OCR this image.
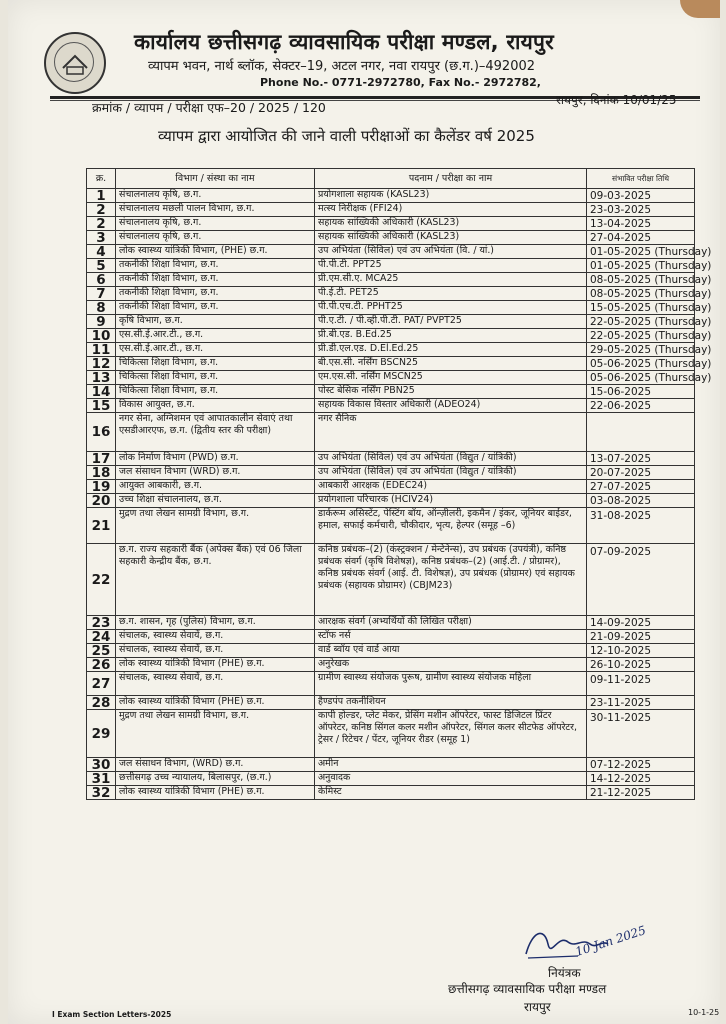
कार्यालय छत्तीसगढ़ व्यावसायिक परीक्षा मण्डल, रायपुर
व्यापम भवन, नार्थ ब्लॉक, सेक्टर–19, अटल नगर, नवा रायपुर (छ.ग.)–492002
Phone No.- 0771-2972780, Fax No.- 2972782,
क्रमांक / व्यापम / परीक्षा एफ–20 / 2025 / 120	रायपुर, दिनांक 10/01/25
व्यापम द्वारा आयोजित की जाने वाली परीक्षाओं का कैलेंडर वर्ष 2025
क्र.	विभाग / संस्था का नाम	पदनाम / परीक्षा का नाम	संभावित परीक्षा तिथि
1	संचालनालय कृषि, छ.ग.	प्रयोगशाला सहायक (KASL23)	09-03-2025
2	संचालनालय मछली पालन विभाग, छ.ग.	मत्स्य निरीक्षक (FFI24)	23-03-2025
2	संचालनालय कृषि, छ.ग.	सहायक सांख्यिकी अधिकारी (KASL23)	13-04-2025
3	संचालनालय कृषि, छ.ग.	सहायक सांख्यिकी अधिकारी (KASL23)	27-04-2025
4	लोक स्वास्थ्य यांत्रिकी विभाग, (PHE) छ.ग.	उप अभियंता (सिविल) एवं उप अभियंता (वि. / यां.)	01-05-2025 (Thursday)
5	तकनीकी शिक्षा विभाग, छ.ग.	पी.पी.टी. PPT25	01-05-2025 (Thursday)
6	तकनीकी शिक्षा विभाग, छ.ग.	प्री.एम.सी.ए. MCA25	08-05-2025 (Thursday)
7	तकनीकी शिक्षा विभाग, छ.ग.	पी.ई.टी. PET25	08-05-2025 (Thursday)
8	तकनीकी शिक्षा विभाग, छ.ग.	पी.पी.एच.टी. PPHT25	15-05-2025 (Thursday)
9	कृषि विभाग, छ.ग.	पी.ए.टी. / पी.व्ही.पी.टी. PAT/ PVPT25	22-05-2025 (Thursday)
10	एस.सी.ई.आर.टी., छ.ग.	प्री.बी.एड. B.Ed.25	22-05-2025 (Thursday)
11	एस.सी.ई.आर.टी., छ.ग.	प्री.डी.एल.एड. D.El.Ed.25	29-05-2025 (Thursday)
12	चिकित्सा शिक्षा विभाग, छ.ग.	बी.एस.सी. नर्सिंग BSCN25	05-06-2025 (Thursday)
13	चिकित्सा शिक्षा विभाग, छ.ग.	एम.एस.सी. नर्सिंग MSCN25	05-06-2025 (Thursday)
14	चिकित्सा शिक्षा विभाग, छ.ग.	पोस्ट बेसिक नर्सिंग PBN25	15-06-2025
15	विकास आयुक्त, छ.ग.	सहायक विकास विस्तार अधिकारी (ADEO24)	22-06-2025
16	नगर सेना, अग्निशमन एवं आपातकालीन सेवाएं तथा एसडीआरएफ, छ.ग. (द्वितीय स्तर की परीक्षा)	नगर सैनिक	
17	लोक निर्माण विभाग (PWD) छ.ग.	उप अभियंता (सिविल) एवं उप अभियंता (विद्युत / यांत्रिकी)	13-07-2025
18	जल संसाधन विभाग (WRD) छ.ग.	उप अभियंता (सिविल) एवं उप अभियंता (विद्युत / यांत्रिकी)	20-07-2025
19	आयुक्त आबकारी, छ.ग.	आबकारी आरक्षक (EDEC24)	27-07-2025
20	उच्च शिक्षा संचालनालय, छ.ग.	प्रयोगशाला परिचारक (HCIV24)	03-08-2025
21	मुद्रण तथा लेखन सामग्री विभाग, छ.ग.	डार्करूम असिस्टेंट, पेस्टिंग बॉय, ऑन्ज़ीलरी, इकमैन / इंकर, जूनियर बाईडर, हमाल, सफाई कर्मचारी, चौकीदार, भृत्य, हेल्पर (समूह –6)	31-08-2025
22	छ.ग. राज्य सहकारी बैंक (अपेक्स बैंक) एवं 06 जिला सहकारी केन्द्रीय बैंक, छ.ग.	कनिष्ठ प्रबंधक–(2) (कंस्ट्रक्शन / मेन्टेनेन्स), उप प्रबंधक (उपयंत्री), कनिष्ठ प्रबंधक संवर्ग (कृषि विशेषज्ञ), कनिष्ठ प्रबंधक–(2) (आई.टी. / प्रोग्रामर), कनिष्ठ प्रबंधक संवर्ग (आई. टी. विशेषज्ञ), उप प्रबंधक (प्रोग्रामर) एवं सहायक प्रबंधक (सहायक प्रोग्रामर) (CBJM23)	07-09-2025
23	छ.ग. शासन, गृह (पुलिस) विभाग, छ.ग.	आरक्षक संवर्ग (अभ्यर्थियों की लिखित परीक्षा)	14-09-2025
24	संचालक, स्वास्थ्य सेवायें, छ.ग.	स्टॉफ नर्स	21-09-2025
25	संचालक, स्वास्थ्य सेवायें, छ.ग.	वार्ड ब्वॉय एवं वार्ड आया	12-10-2025
26	लोक स्वास्थ्य यांत्रिकी विभाग (PHE) छ.ग.	अनुरेखक	26-10-2025
27	संचालक, स्वास्थ्य सेवायें, छ.ग.	ग्रामीण स्वास्थ्य संयोजक पुरूष, ग्रामीण स्वास्थ्य संयोजक महिला	09-11-2025
28	लोक स्वास्थ्य यांत्रिकी विभाग (PHE) छ.ग.	हैण्डपंप तकनीशियन	23-11-2025
29	मुद्रण तथा लेखन सामग्री विभाग, छ.ग.	कापी होल्डर, प्लेट मेकर, प्रेसिंग मशीन ऑपरेटर, फास्ट डिजिटल प्रिंटर ऑपरेटर, कनिष्ठ सिंगल कलर मशीन ऑपरेटर, सिंगल कलर सीटफेड ऑपरेटर, ट्रेसर / रिटेचर / पेंटर, जूनियर रीडर (समूह 1)	30-11-2025
30	जल संसाधन विभाग, (WRD) छ.ग.	अमीन	07-12-2025
31	छत्तीसगढ़ उच्च न्यायालय, बिलासपुर, (छ.ग.)	अनुवादक	14-12-2025
32	लोक स्वास्थ्य यांत्रिकी विभाग (PHE) छ.ग.	केमिस्ट	21-12-2025
10 Jan 2025
नियंत्रक
छत्तीसगढ़ व्यावसायिक परीक्षा मण्डल
रायपुर
I Exam Section Letters-2025	10-1-25
